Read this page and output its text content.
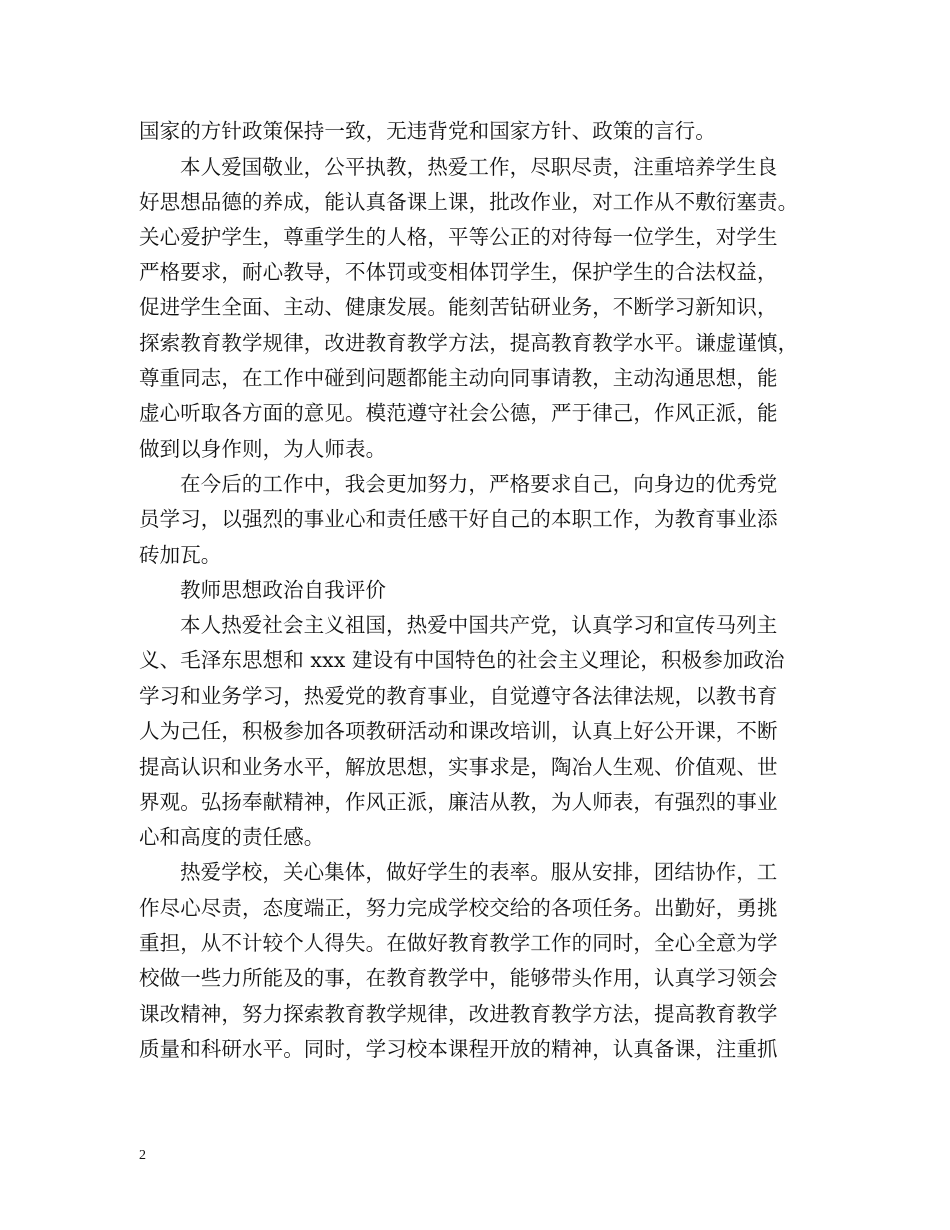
国家的方针政策保持一致，无违背党和国家方针、政策的言行。
本人爱国敬业，公平执教，热爱工作，尽职尽责，注重培养学生良
好思想品德的养成，能认真备课上课，批改作业，对工作从不敷衍塞责。
关心爱护学生，尊重学生的人格，平等公正的对待每一位学生，对学生
严格要求，耐心教导，不体罚或变相体罚学生，保护学生的合法权益，
促进学生全面、主动、健康发展。能刻苦钻研业务，不断学习新知识，
探索教育教学规律，改进教育教学方法，提高教育教学水平。谦虚谨慎，
尊重同志，在工作中碰到问题都能主动向同事请教，主动沟通思想，能
虚心听取各方面的意见。模范遵守社会公德，严于律己，作风正派，能
做到以身作则，为人师表。
在今后的工作中，我会更加努力，严格要求自己，向身边的优秀党
员学习，以强烈的事业心和责任感干好自己的本职工作，为教育事业添
砖加瓦。
教师思想政治自我评价
本人热爱社会主义祖国，热爱中国共产党，认真学习和宣传马列主
义、毛泽东思想和 xxx 建设有中国特色的社会主义理论，积极参加政治
学习和业务学习，热爱党的教育事业，自觉遵守各法律法规，以教书育
人为己任，积极参加各项教研活动和课改培训，认真上好公开课，不断
提高认识和业务水平，解放思想，实事求是，陶冶人生观、价值观、世
界观。弘扬奉献精神，作风正派，廉洁从教，为人师表，有强烈的事业
心和高度的责任感。
热爱学校，关心集体，做好学生的表率。服从安排，团结协作，工
作尽心尽责，态度端正，努力完成学校交给的各项任务。出勤好，勇挑
重担，从不计较个人得失。在做好教育教学工作的同时，全心全意为学
校做一些力所能及的事，在教育教学中，能够带头作用，认真学习领会
课改精神，努力探索教育教学规律，改进教育教学方法，提高教育教学
质量和科研水平。同时，学习校本课程开放的精神，认真备课，注重抓
2
